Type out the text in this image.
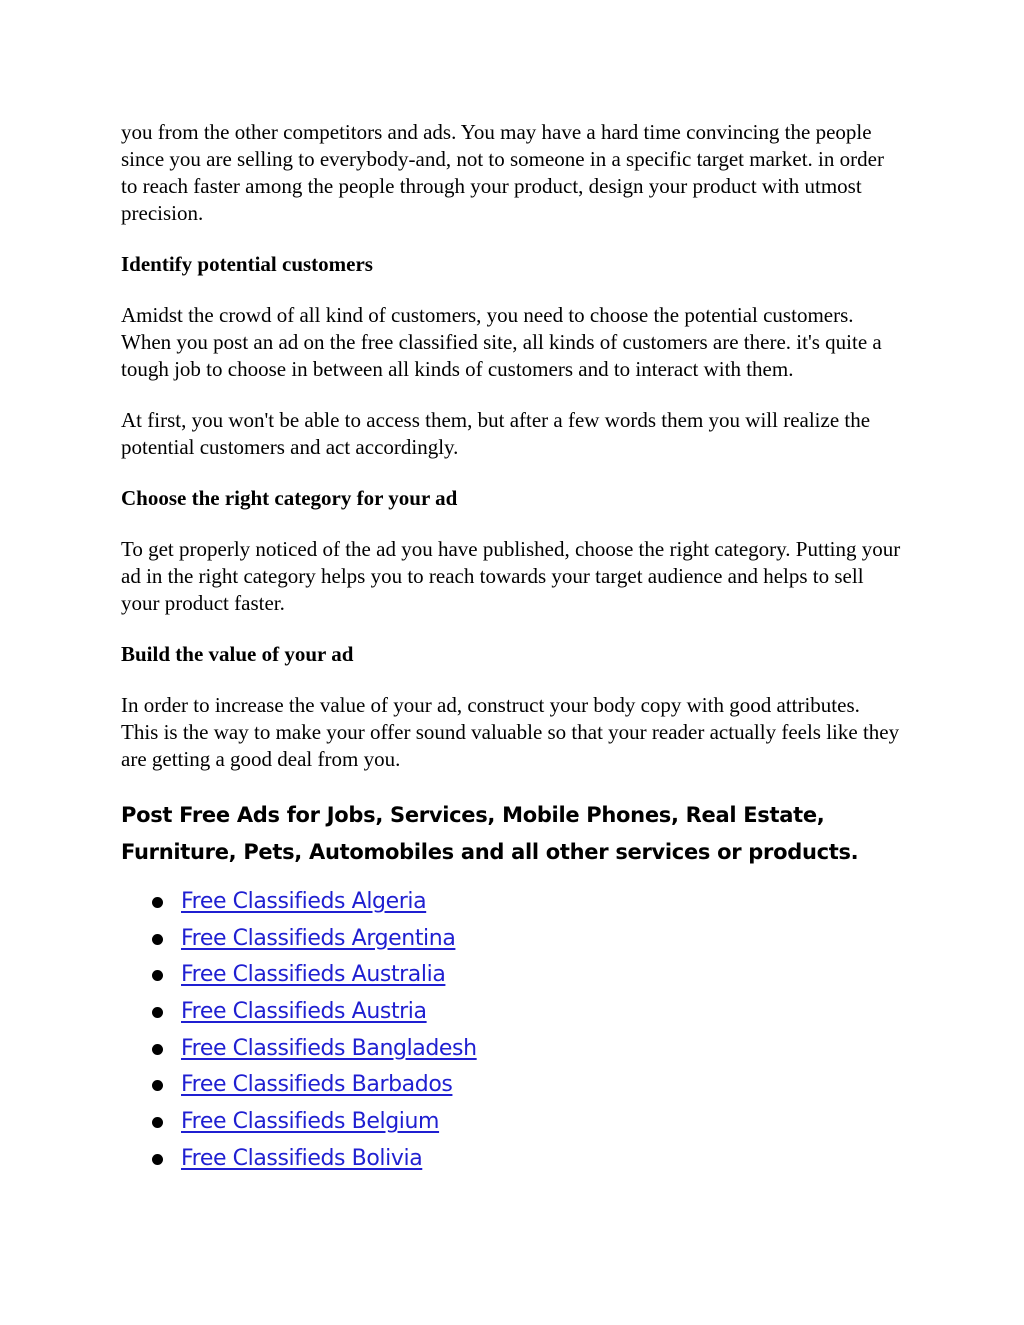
you from the other competitors and ads. You may have a hard time convincing the people since you are selling to everybody-and, not to someone in a specific target market. in order to reach faster among the people through your product, design your product with utmost precision.

Identify potential customers

Amidst the crowd of all kind of customers, you need to choose the potential customers. When you post an ad on the free classified site, all kinds of customers are there. it's quite a tough job to choose in between all kinds of customers and to interact with them.

At first, you won't be able to access them, but after a few words them you will realize the potential customers and act accordingly.

Choose the right category for your ad

To get properly noticed of the ad you have published, choose the right category. Putting your ad in the right category helps you to reach towards your target audience and helps to sell your product faster.

Build the value of your ad

In order to increase the value of your ad, construct your body copy with good attributes. This is the way to make your offer sound valuable so that your reader actually feels like they are getting a good deal from you.

Post Free Ads for Jobs, Services, Mobile Phones, Real Estate, Furniture, Pets, Automobiles and all other services or products.
Free Classifieds Algeria
Free Classifieds Argentina
Free Classifieds Australia
Free Classifieds Austria
Free Classifieds Bangladesh
Free Classifieds Barbados
Free Classifieds Belgium
Free Classifieds Bolivia
